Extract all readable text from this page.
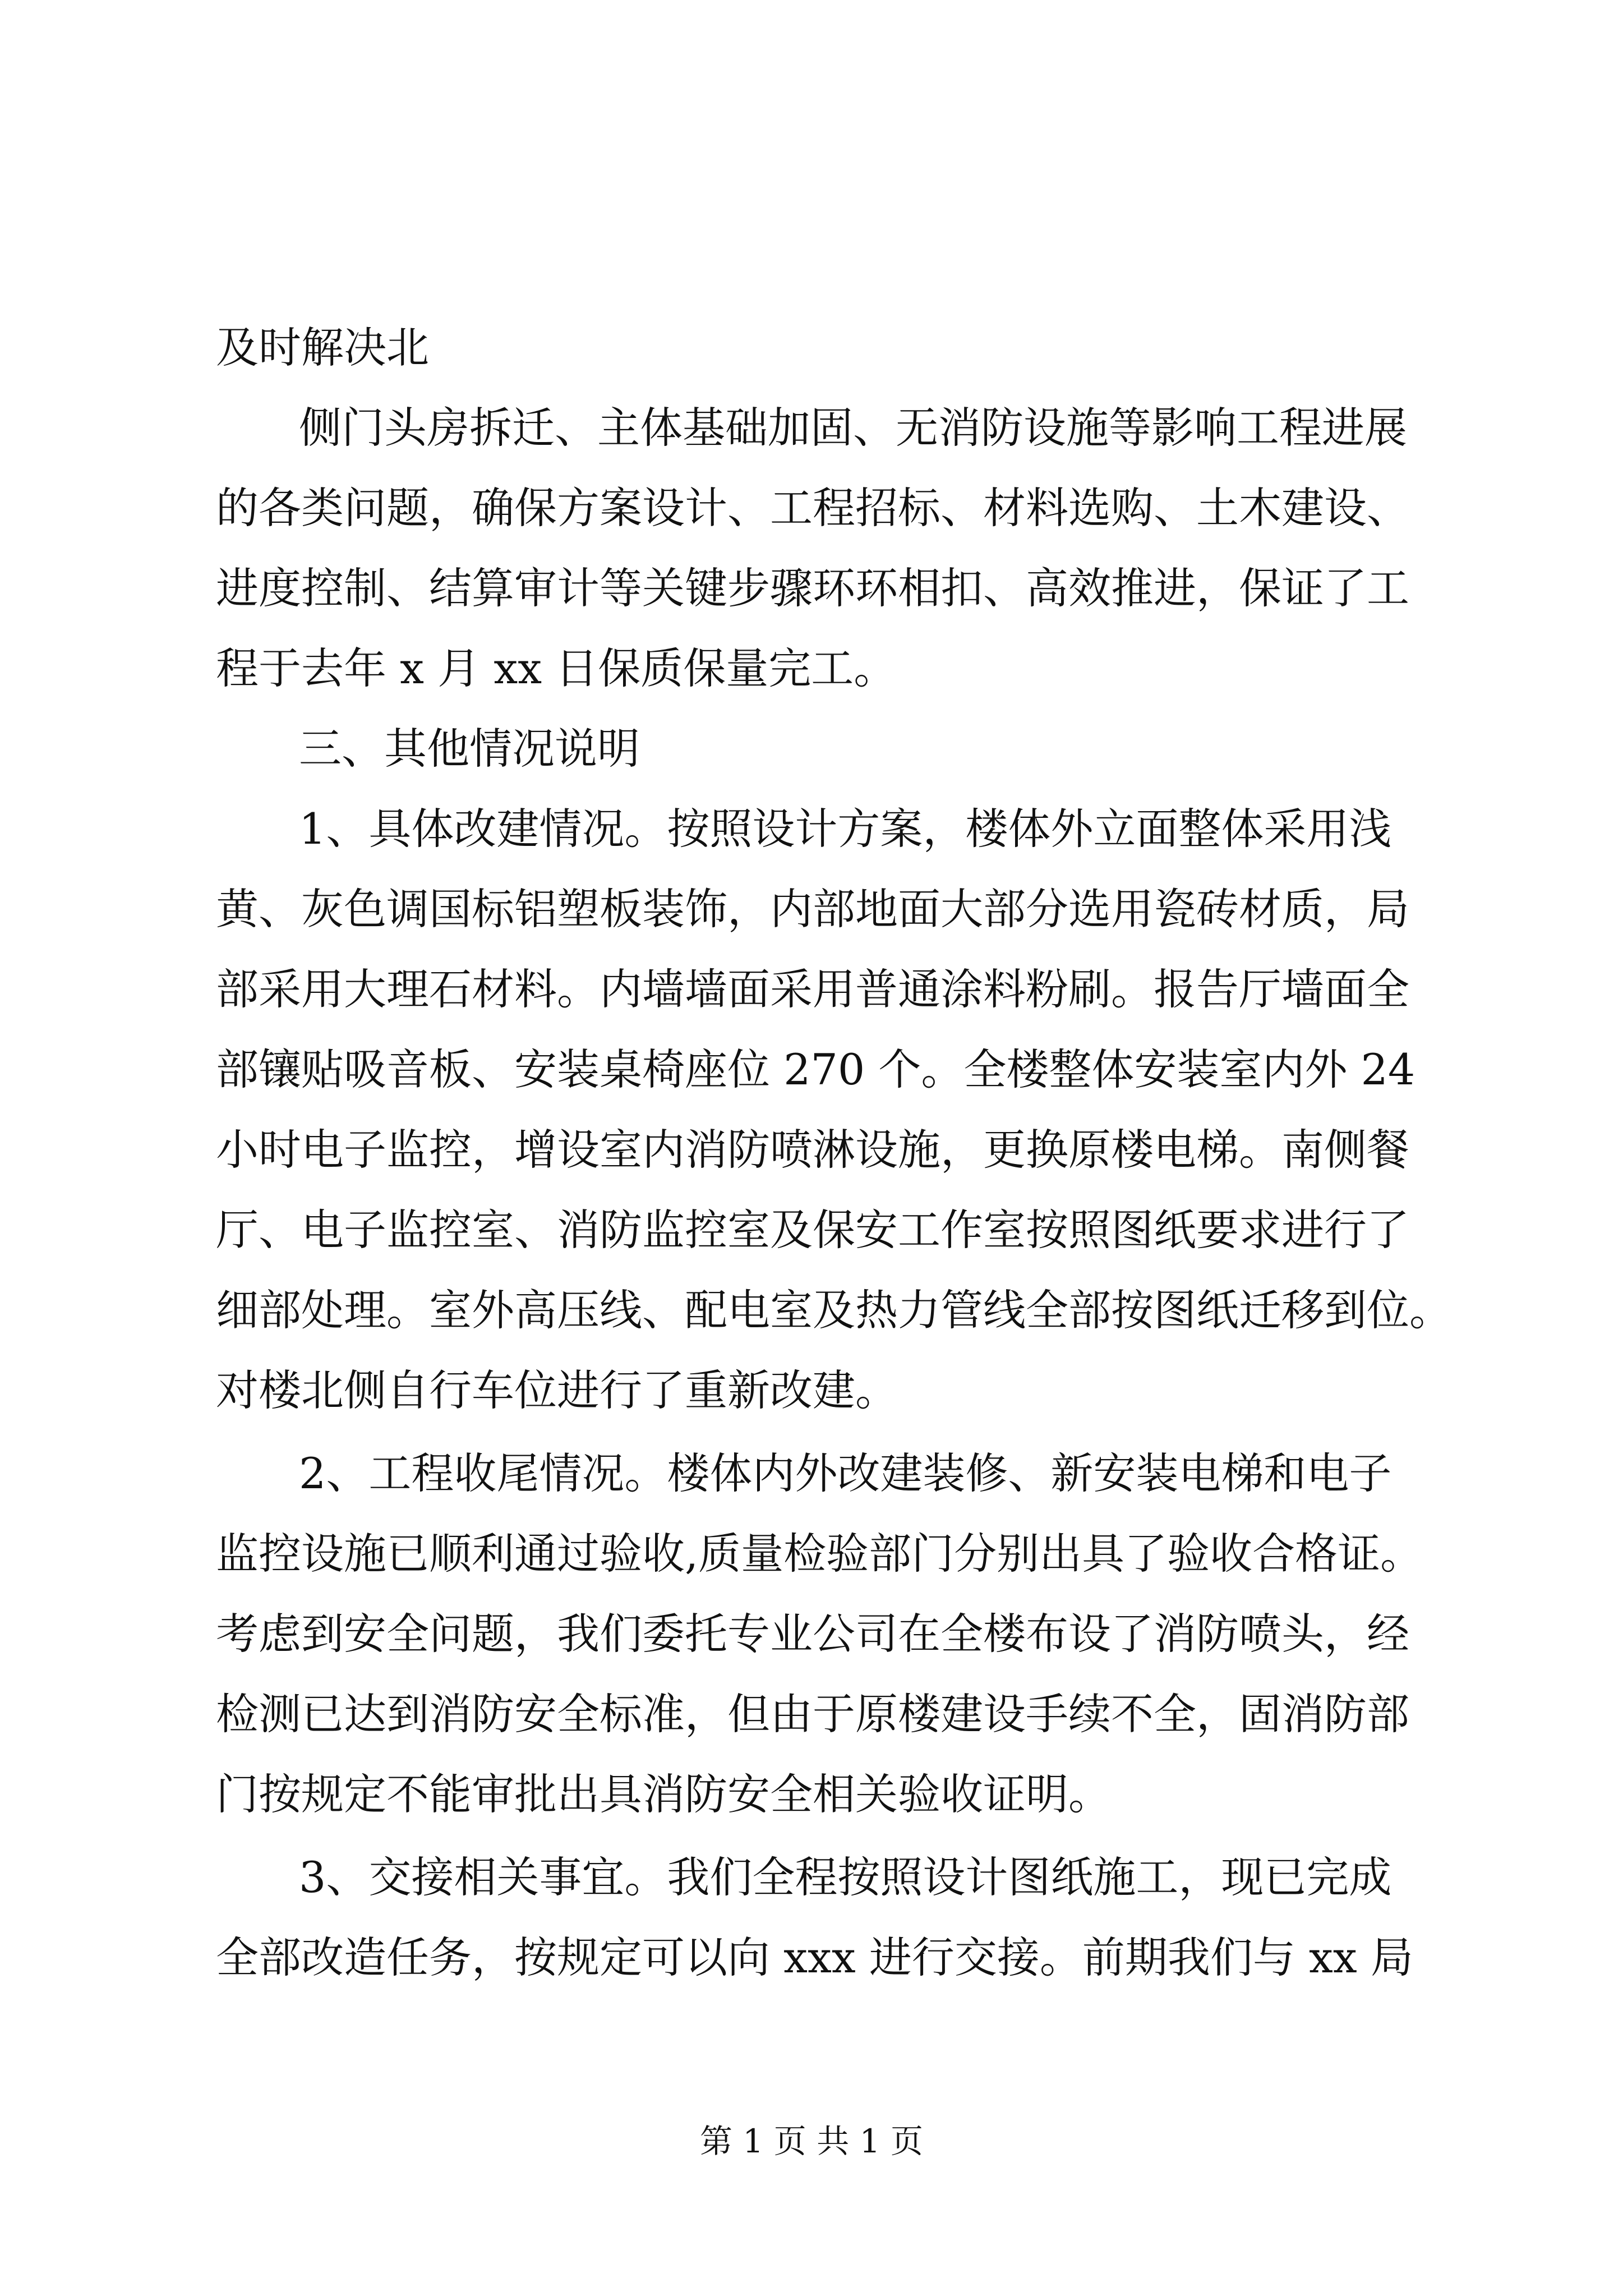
及时解决北
侧门头房拆迁、主体基础加固、无消防设施等影响工程进展
的各类问题，确保方案设计、工程招标、材料选购、土木建设、
进度控制、结算审计等关键步骤环环相扣、高效推进，保证了工
程于去年 x 月 xx 日保质保量完工。
三、其他情况说明
1、具体改建情况。按照设计方案，楼体外立面整体采用浅
黄、灰色调国标铝塑板装饰，内部地面大部分选用瓷砖材质，局
部采用大理石材料。内墙墙面采用普通涂料粉刷。报告厅墙面全
部镶贴吸音板、安装桌椅座位 270 个。全楼整体安装室内外 24
小时电子监控，增设室内消防喷淋设施，更换原楼电梯。南侧餐
厅、电子监控室、消防监控室及保安工作室按照图纸要求进行了
细部处理。室外高压线、配电室及热力管线全部按图纸迁移到位。
对楼北侧自行车位进行了重新改建。
2、工程收尾情况。楼体内外改建装修、新安装电梯和电子
监控设施已顺利通过验收,质量检验部门分别出具了验收合格证。
考虑到安全问题，我们委托专业公司在全楼布设了消防喷头，经
检测已达到消防安全标准，但由于原楼建设手续不全，固消防部
门按规定不能审批出具消防安全相关验收证明。
3、交接相关事宜。我们全程按照设计图纸施工，现已完成
全部改造任务，按规定可以向 xxx 进行交接。前期我们与 xx 局
第 1 页 共 1 页
